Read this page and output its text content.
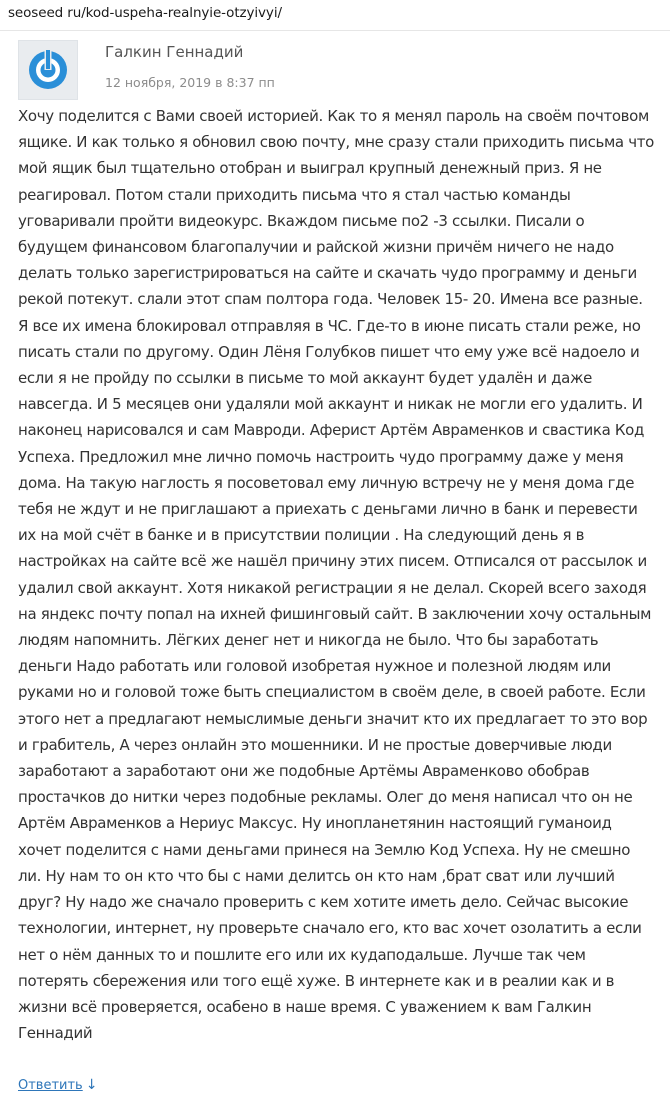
seoseed ru/kod-uspeha-realnyie-otzyivyi/
Галкин Геннадий
12 ноября, 2019 в 8:37 пп

Хочу поделится с Вами своей историей. Как то я менял пароль на своём почтовом ящике. И как только я обновил свою почту, мне сразу стали приходить письма что мой ящик был тщательно отобран и выиграл крупный денежный приз. Я не реагировал. Потом стали приходить письма что я стал частью команды уговаривали пройти видеокурс. Вкаждом письме по2 -3 ссылки. Писали о будущем финансовом благопалучии и райской жизни причём ничего не надо делать только зарегистрироваться на сайте и скачать чудо программу и деньги рекой потекут. слали этот спам полтора года. Человек 15- 20. Имена все разные. Я все их имена блокировал отправляя в ЧС. Где-то в июне писать стали реже, но писать стали по другому. Один Лёня Голубков пишет что ему уже всё надоело и если я не пройду по ссылки в письме то мой аккаунт будет удалён и даже навсегда. И 5 месяцев они удаляли мой аккаунт и никак не могли его удалить. И наконец нарисовался и сам Мавроди. Аферист Артём Авраменков и свастика Код Успеха. Предложил мне лично помочь настроить чудо программу даже у меня дома. На такую наглость я посоветовал ему личную встречу не у меня дома где тебя не ждут и не приглашают а приехать с деньгами лично в банк и перевести их на мой счёт в банке и в присутствии полиции . На следующий день я в настройках на сайте всё же нашёл причину этих писем. Отписался от рассылок и удалил свой аккаунт. Хотя никакой регистрации я не делал. Скорей всего заходя на яндекс почту попал на ихней фишинговый сайт. В заключении хочу остальным людям напомнить. Лёгких денег нет и никогда не было. Что бы заработать деньги Надо работать или головой изобретая нужное и полезной людям или руками но и головой тоже быть специалистом в своём деле, в своей работе. Если этого нет а предлагают немыслимые деньги значит кто их предлагает то это вор и грабитель, А через онлайн это мошенники. И не простые доверчивые люди заработают а заработают они же подобные Артёмы Авраменково обобрав простачков до нитки через подобные рекламы. Олег до меня написал что он не Артём Авраменков а Нериус Максус. Ну инопланетянин настоящий гуманоид хочет поделится с нами деньгами принеся на Землю Код Успеха. Ну не смешно ли. Ну нам то он кто что бы с нами делитсь он кто нам ,брат сват или лучший друг? Ну надо же сначало проверить с кем хотите иметь дело. Сейчас высокие технологии, интернет, ну проверьте сначало его, кто вас хочет озолатить а если нет о нём данных то и пошлите его или их кудаподальше. Лучше так чем потерять сбережения или того ещё хуже. В интернете как и в реалии как и в жизни всё проверяется, осабено в наше время. С уважением к вам Галкин Геннадий

Ответить ↓
